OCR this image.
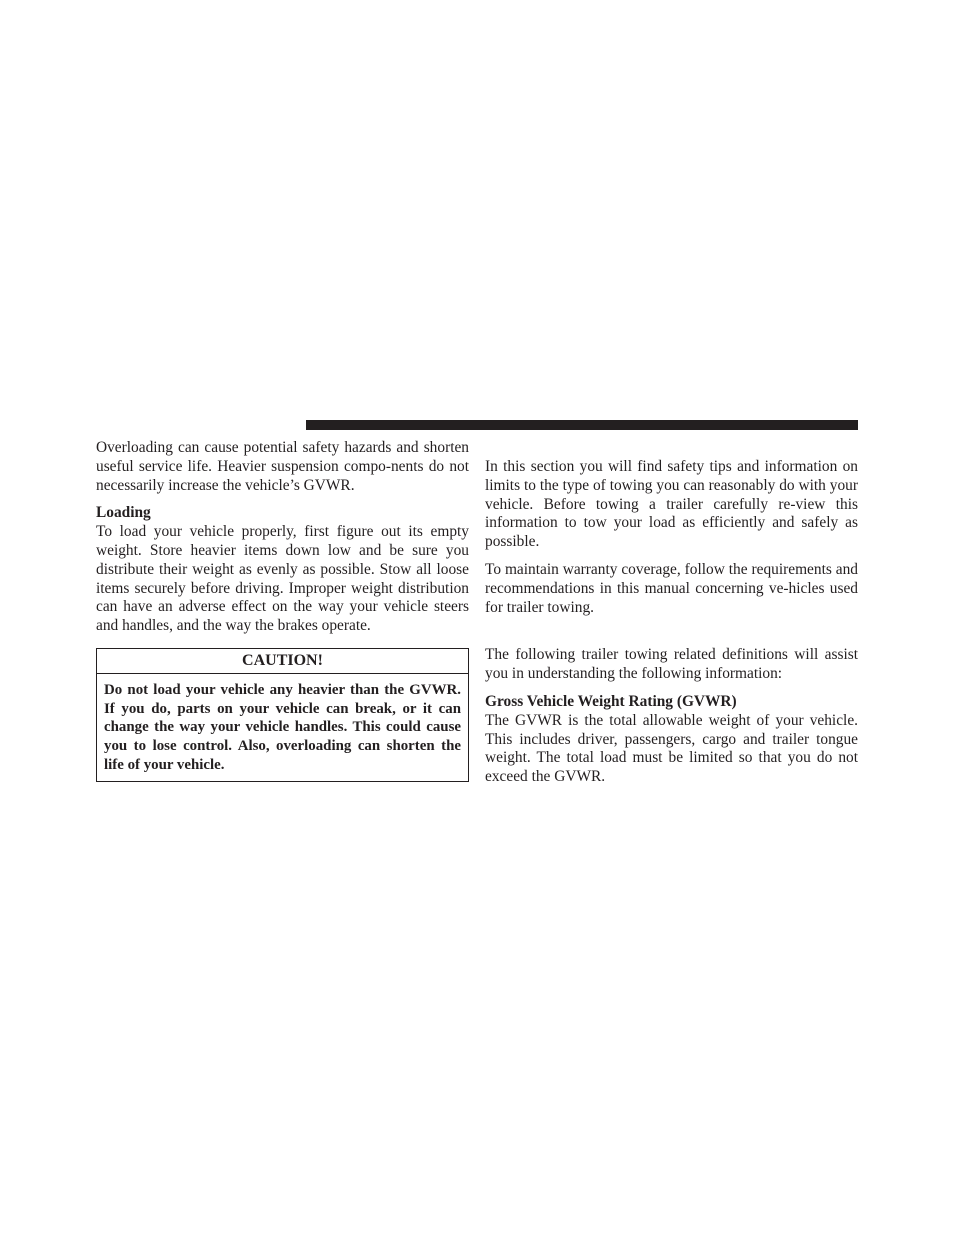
Overloading can cause potential safety hazards and shorten useful service life. Heavier suspension compo-nents do not necessarily increase the vehicle’s GVWR.

Loading

To load your vehicle properly, first figure out its empty weight. Store heavier items down low and be sure you distribute their weight as evenly as possible. Stow all loose items securely before driving. Improper weight distribution can have an adverse effect on the way your vehicle steers and handles, and the way the brakes operate.

CAUTION!
Do not load your vehicle any heavier than the GVWR. If you do, parts on your vehicle can break, or it can change the way your vehicle handles. This could cause you to lose control. Also, overloading can shorten the life of your vehicle.

In this section you will find safety tips and information on limits to the type of towing you can reasonably do with your vehicle. Before towing a trailer carefully re-view this information to tow your load as efficiently and safely as possible.

To maintain warranty coverage, follow the requirements and recommendations in this manual concerning ve-hicles used for trailer towing.

The following trailer towing related definitions will assist you in understanding the following information:

Gross Vehicle Weight Rating (GVWR)

The GVWR is the total allowable weight of your vehicle. This includes driver, passengers, cargo and trailer tongue weight. The total load must be limited so that you do not exceed the GVWR.
